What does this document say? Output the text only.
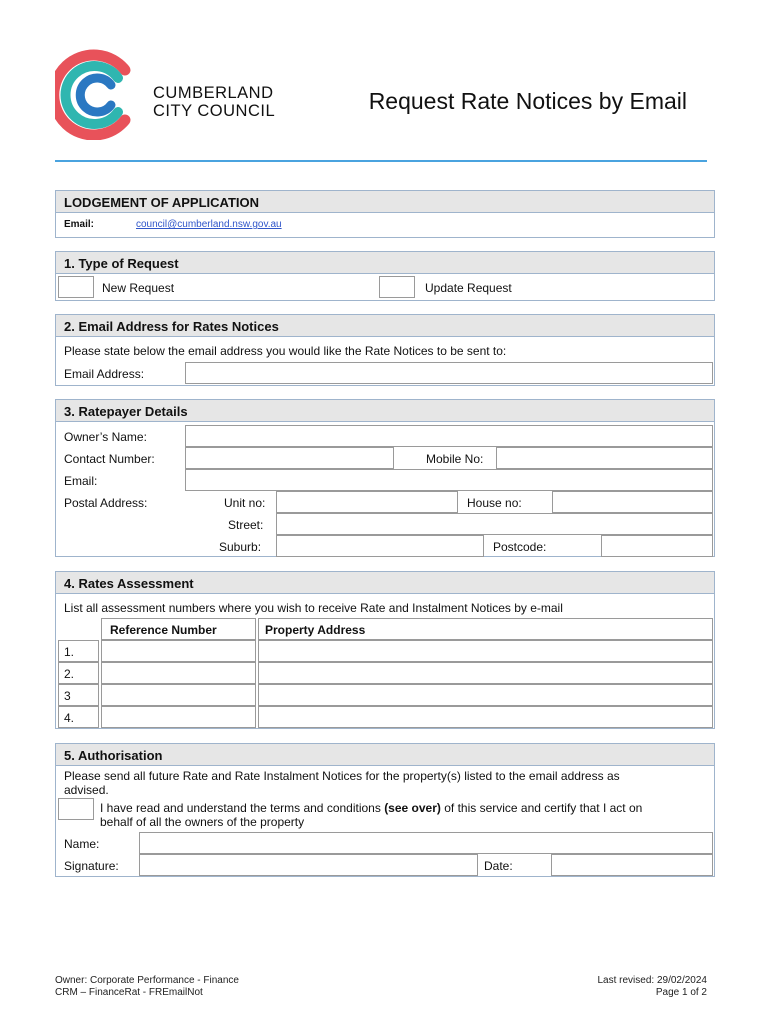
CUMBERLAND
CITY COUNCIL	Request Rate Notices by Email
LODGEMENT OF APPLICATION
Email:	council@cumberland.nsw.gov.au
1. Type of Request
New Request	Update Request
2. Email Address for Rates Notices
Please state below the email address you would like the Rate Notices to be sent to:
Email Address:
3. Ratepayer Details
Owner’s Name:
Contact Number:	Mobile No:
Email:
Postal Address:	Unit no:	House no:
Street:
Suburb:	Postcode:
4. Rates Assessment
List all assessment numbers where you wish to receive Rate and Instalment Notices by e-mail
Reference Number	Property Address
1.
2.
3
4.
5. Authorisation
Please send all future Rate and Rate Instalment Notices for the property(s) listed to the email address as
advised.
I have read and understand the terms and conditions (see over) of this service and certify that I act on
behalf of all the owners of the property
Name:
Signature:	Date:
Owner: Corporate Performance - Finance
CRM – FinanceRat - FREmailNot
Last revised: 29/02/2024
Page 1 of 2
